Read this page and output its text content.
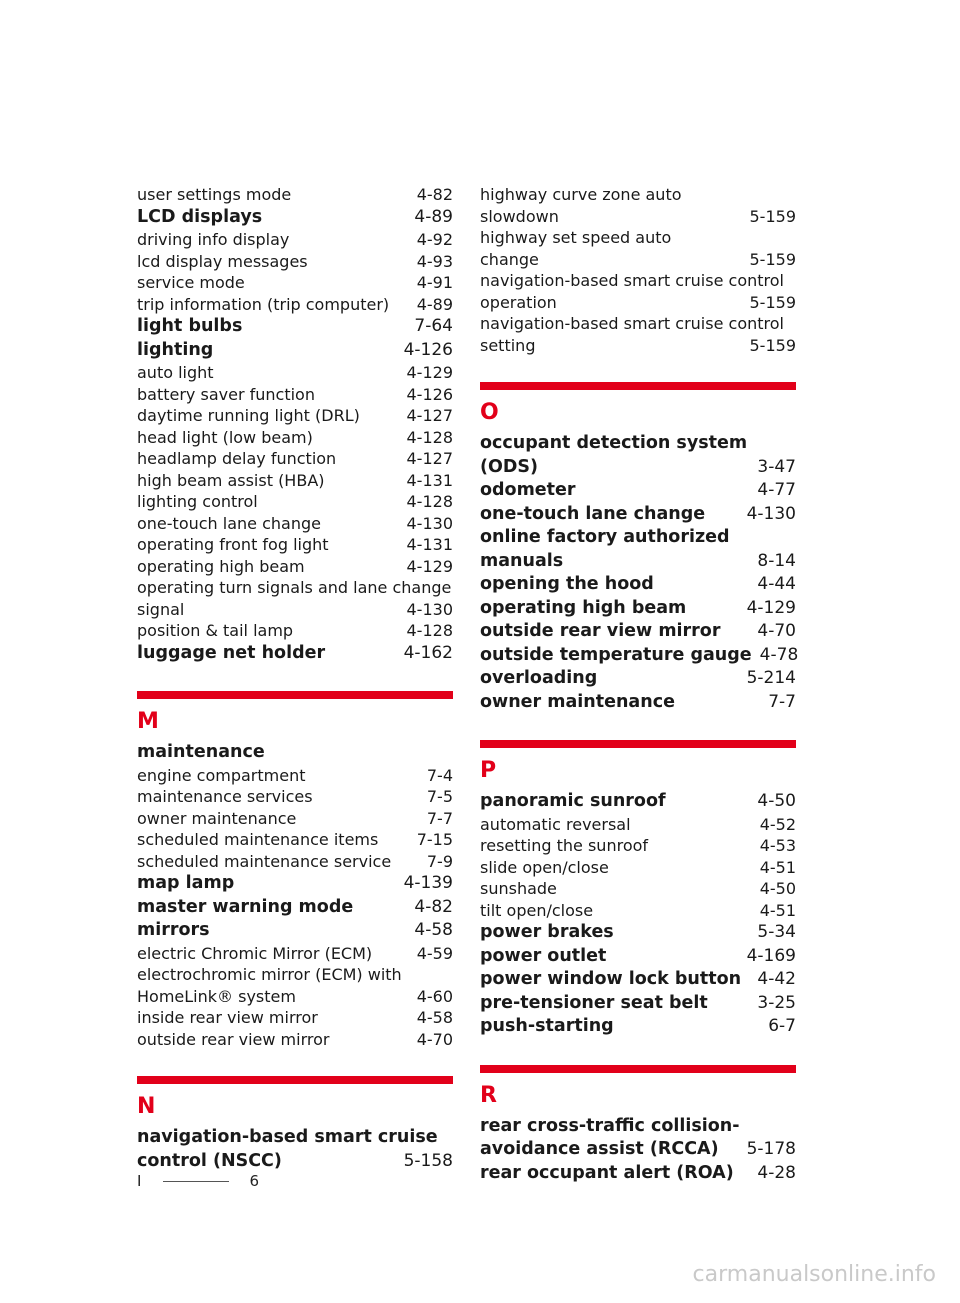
user settings mode	4-82
LCD displays	4-89
driving info display	4-92
lcd display messages	4-93
service mode	4-91
trip information (trip computer) 4-89
light bulbs	7-64
lighting	4-126
auto light	4-129
battery saver function	4-126
daytime running light (DRL)	4-127
head light (low beam)	4-128
headlamp delay function	4-127
high beam assist (HBA)	4-131
lighting control	4-128
one-touch lane change	4-130
operating front fog light	4-131
operating high beam	4-129
operating turn signals and lane change
signal	4-130
position & tail lamp	4-128
luggage net holder	4-162
M
maintenance
engine compartment	7-4
maintenance services	7-5
owner maintenance	7-7
scheduled maintenance items 7-15
scheduled maintenance service 7-9
map lamp	4-139
master warning mode	4-82
mirrors	4-58
electric Chromic Mirror (ECM)	4-59
electrochromic mirror (ECM) with
HomeLink® system	4-60
inside rear view mirror	4-58
outside rear view mirror	4-70
N
navigation-based smart cruise
control (NSCC)	5-158
highway curve zone auto
slowdown	5-159
highway set speed auto
change	5-159
navigation-based smart cruise control
operation	5-159
navigation-based smart cruise control
setting	5-159
O
occupant detection system
(ODS)	3-47
odometer	4-77
one-touch lane change 4-130
online factory authorized
manuals	8-14
opening the hood	4-44
operating high beam	4-129
outside rear view mirror 4-70
outside temperature gauge 4-78
overloading	5-214
owner maintenance	7-7
P
panoramic sunroof	4-50
automatic reversal	4-52
resetting the sunroof	4-53
slide open/close	4-51
sunshade	4-50
tilt open/close	4-51
power brakes	5-34
power outlet	4-169
power window lock button 4-42
pre-tensioner seat belt	3-25
push-starting	6-7
R
rear cross-traffic collision-
avoidance assist (RCCA) 5-178
rear occupant alert (ROA) 4-28
I	6
carmanualsonline.info
